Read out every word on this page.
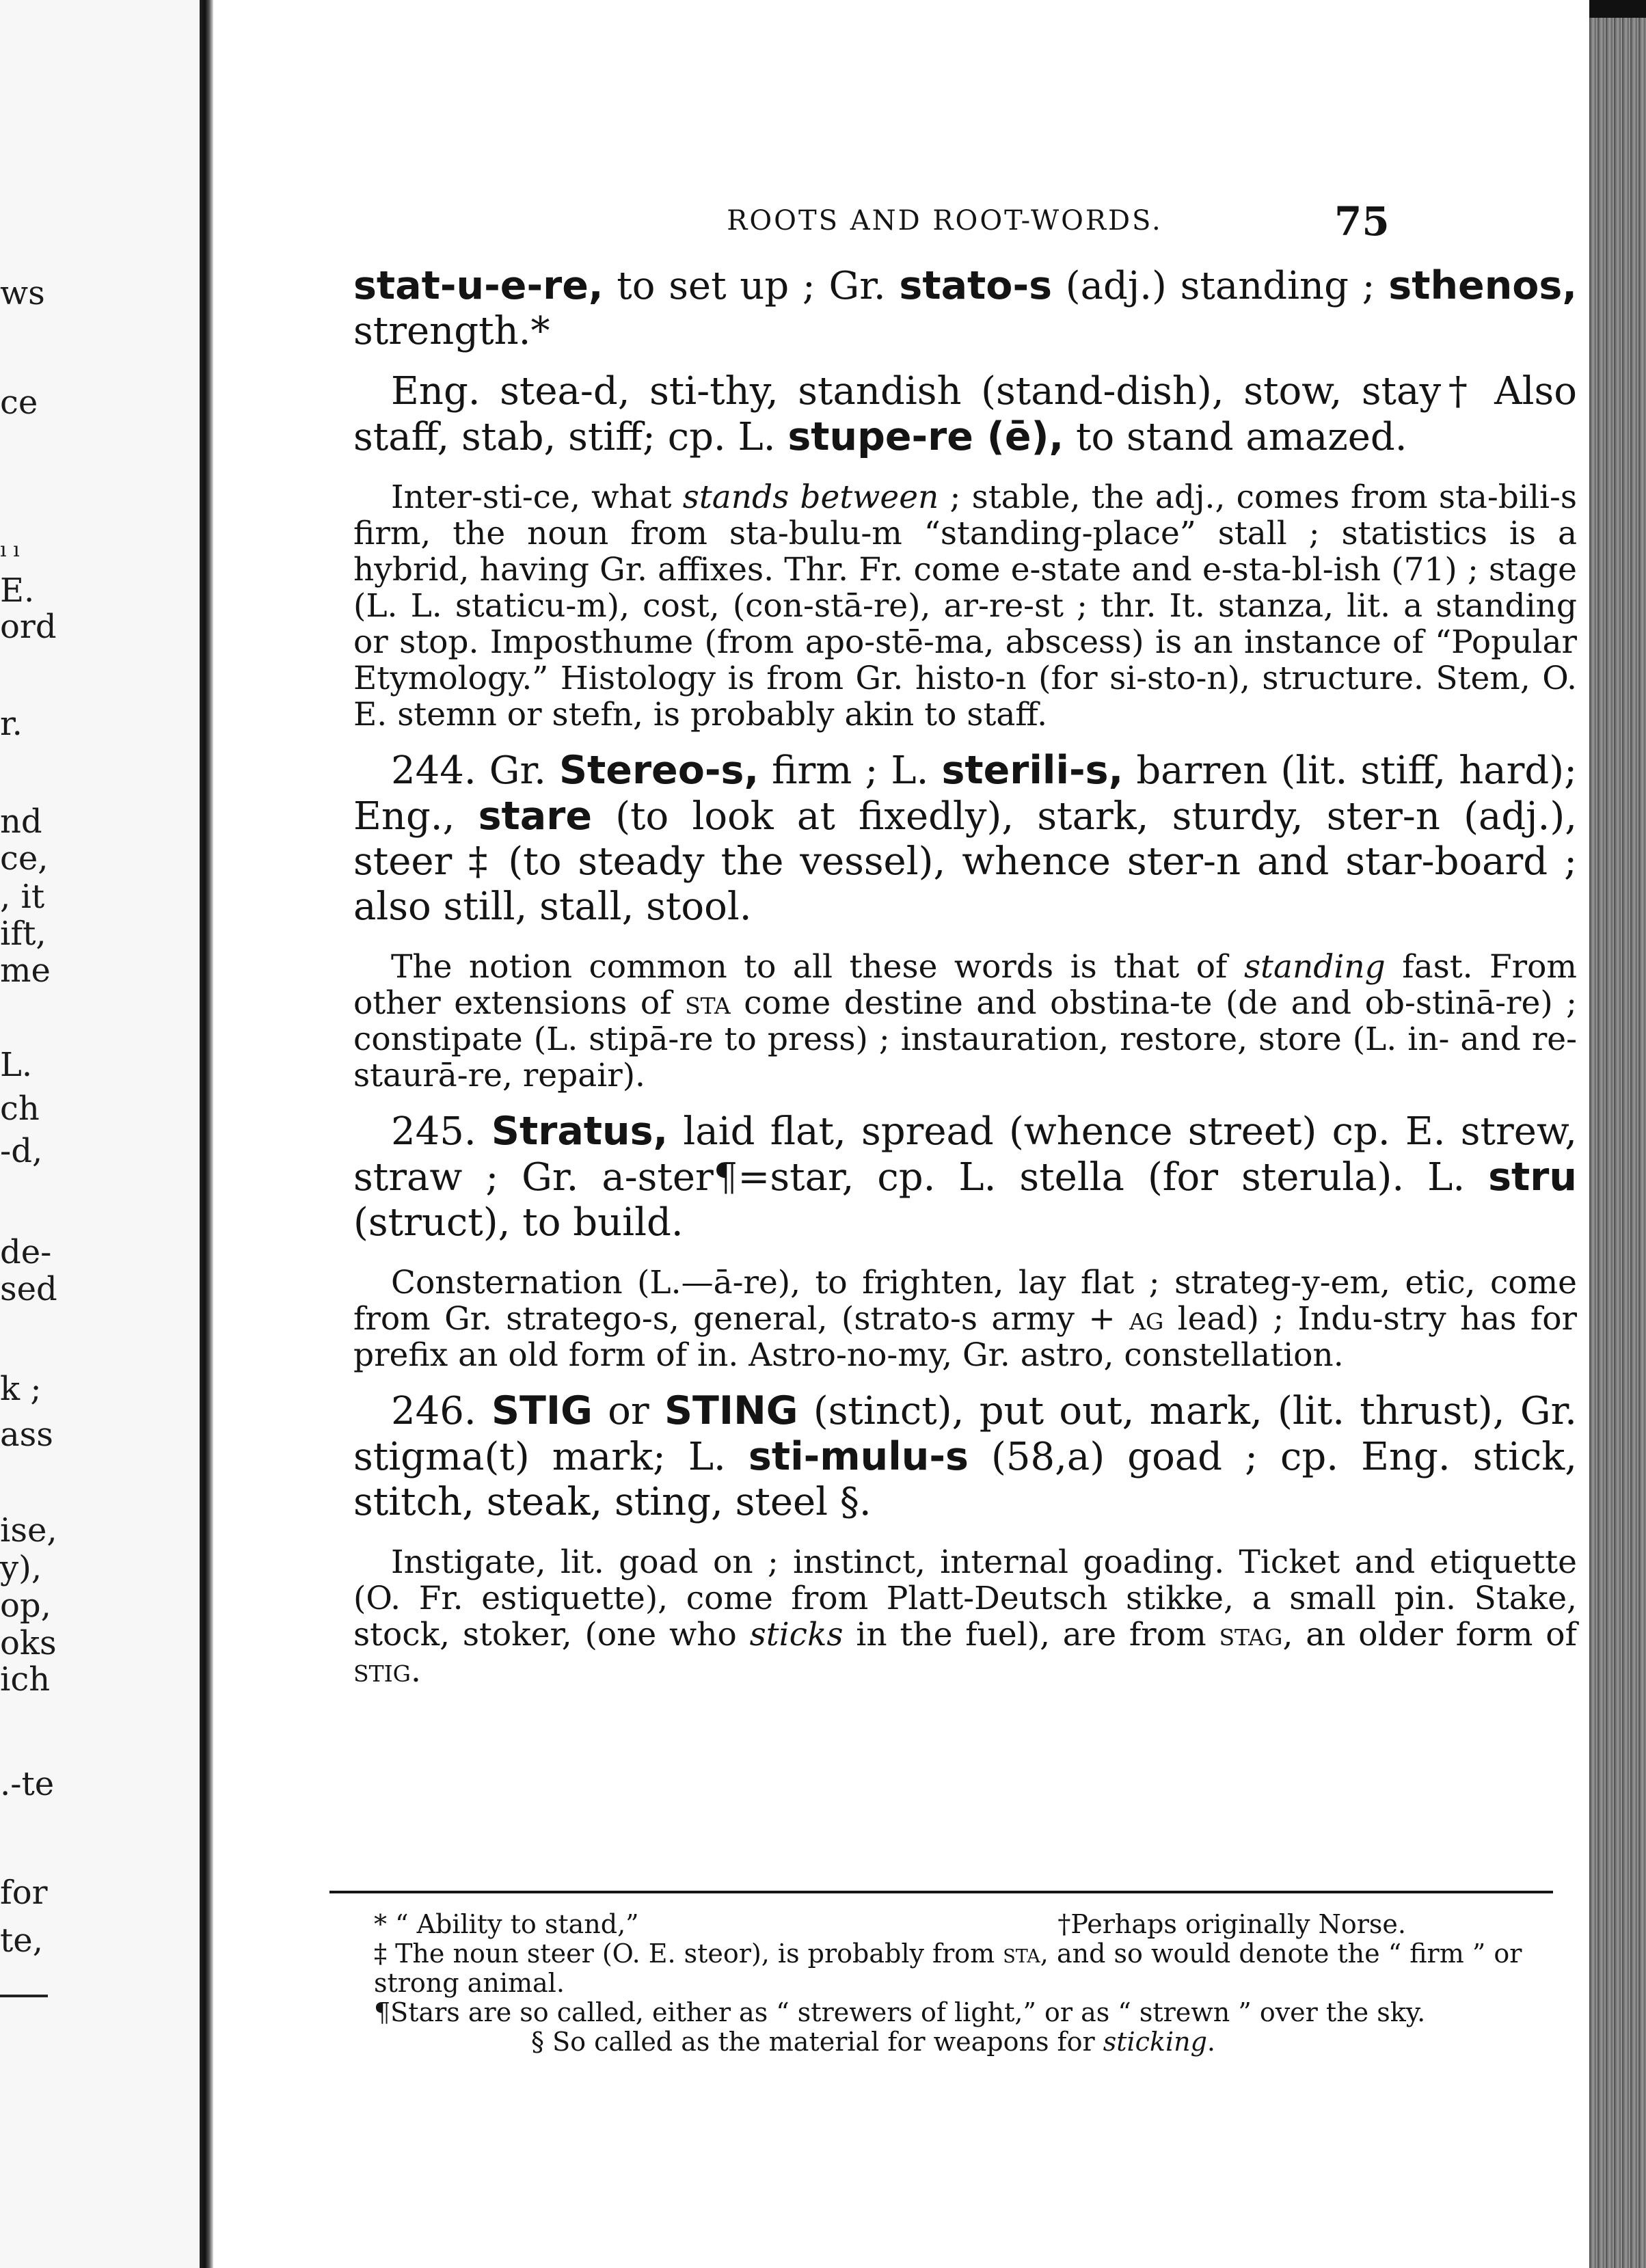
ws
ce
ı ı
E.
ord
r.
nd
ce,
, it
ift,
me
L.
ch
-d,
de-
sed
k ;
ass
ise,
y),
op,
oks
ich
.-te
for
te,
ROOTS AND ROOT-WORDS.	75

stat-u-e-re, to set up ; Gr. stato-s (adj.) standing ; sthenos, strength.*

Eng. stea-d, sti-thy, standish (stand-dish), stow, stay† Also staff, stab, stiff; cp. L. stupe-re (ē), to stand amazed.

Inter-sti-ce, what stands between ; stable, the adj., comes from sta-bili-s firm, the noun from sta-bulu-m “standing-place” stall ; statistics is a hybrid, having Gr. affixes. Thr. Fr. come e-state and e-sta-bl-ish (71) ; stage (L. L. staticu-m), cost, (con-stā-re), ar-re-st ; thr. It. stanza, lit. a standing or stop. Imposthume (from apo-stē-ma, abscess) is an instance of “Popular Etymology.” Histology is from Gr. histo-n (for si-sto-n), structure. Stem, O. E. stemn or stefn, is probably akin to staff.

244. Gr. Stereo-s, firm ; L. sterili-s, barren (lit. stiff, hard); Eng., stare (to look at fixedly), stark, sturdy, ster-n (adj.), steer ‡ (to steady the vessel), whence ster-n and star-board ; also still, stall, stool.

The notion common to all these words is that of standing fast. From other extensions of sta come destine and obstina-te (de and ob-stinā-re) ; constipate (L. stipā-re to press) ; instauration, restore, store (L. in- and re-staurā-re, repair).

245. Stratus, laid flat, spread (whence street) cp. E. strew, straw ; Gr. a-ster¶=star, cp. L. stella (for sterula). L. stru (struct), to build.

Consternation (L.—ā-re), to frighten, lay flat ; strateg-y-em, etic, come from Gr. stratego-s, general, (strato-s army + ag lead) ; Indu-stry has for prefix an old form of in. Astro-no-my, Gr. astro, constellation.

246. STIG or STING (stinct), put out, mark, (lit. thrust), Gr. stigma(t) mark; L. sti-mulu-s (58,a) goad ; cp. Eng. stick, stitch, steak, sting, steel §.

Instigate, lit. goad on ; instinct, internal goading. Ticket and etiquette (O. Fr. estiquette), come from Platt-Deutsch stikke, a small pin. Stake, stock, stoker, (one who sticks in the fuel), are from stag, an older form of stig.

* “ Ability to stand,”	†Perhaps originally Norse.

‡ The noun steer (O. E. steor), is probably from sta, and so would denote the “ firm ” or strong animal.

¶Stars are so called, either as “ strewers of light,” or as “ strewn ” over the sky.

§ So called as the material for weapons for sticking.
